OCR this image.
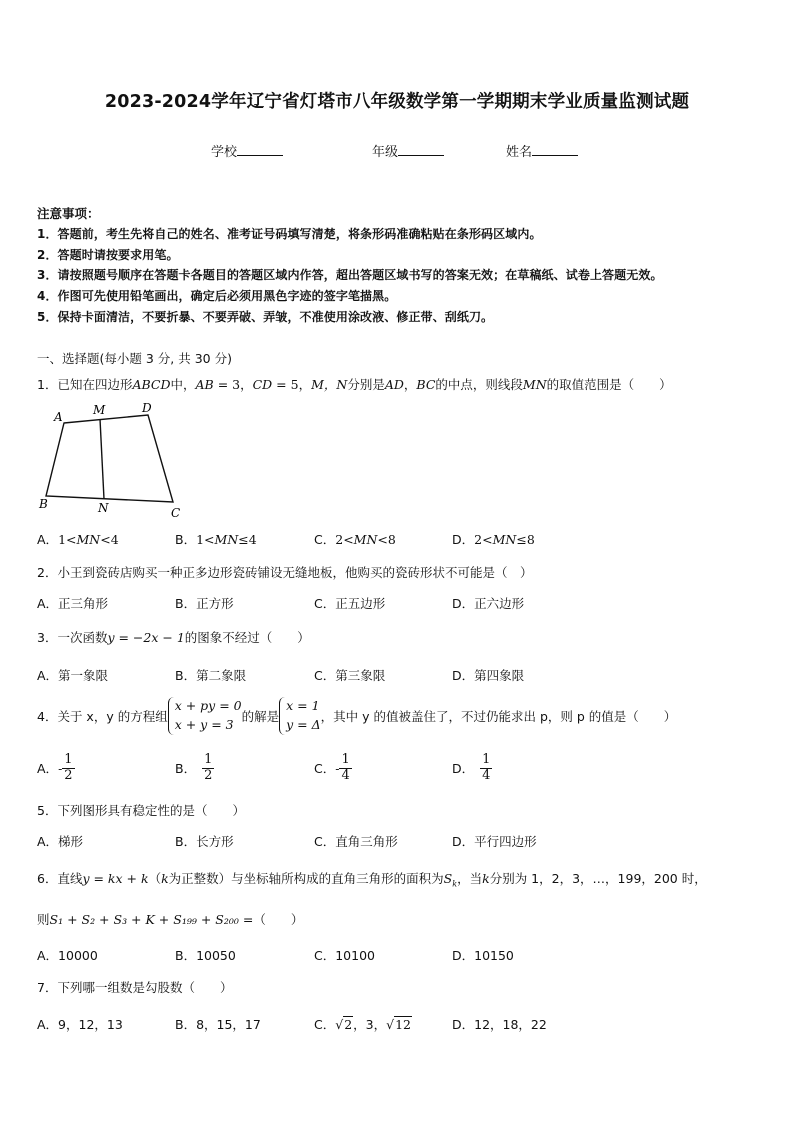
2023-2024学年辽宁省灯塔市八年级数学第一学期期末学业质量监测试题
学校	年级	姓名
注意事项：
1．答题前，考生先将自己的姓名、准考证号码填写清楚，将条形码准确粘贴在条形码区域内。
2．答题时请按要求用笔。
3．请按照题号顺序在答题卡各题目的答题区域内作答，超出答题区域书写的答案无效；在草稿纸、试卷上答题无效。
4．作图可先使用铅笔画出，确定后必须用黑色字迹的签字笔描黑。
5．保持卡面清洁，不要折暴、不要弄破、弄皱，不准使用涂改液、修正带、刮纸刀。
一、选择题(每小题 3 分, 共 30 分)
1．已知在四边形ABCD中，AB = 3，CD = 5，M，N分别是AD，BC的中点，则线段MN的取值范围是（　　）
A	M	D
B	N	C
A．1<MN<4	B．1<MN≤4	C．2<MN<8	D．2<MN≤8
2．小王到瓷砖店购买一种正多边形瓷砖铺设无缝地板，他购买的瓷砖形状不可能是（　）
A．正三角形	B．正方形	C．正五边形	D．正六边形
3．一次函数y = −2x − 1的图象不经过（　　）
A．第一象限	B．第二象限	C．第三象限	D．第四象限
4．关于 x，y 的方程组
x + py = 0
x + y = 3
的解是
x = 1
y = Δ
，其中 y 的值被盖住了，不过仍能求出 p，则 p 的值是（　　）
A． - $\frac{1}{2}$	B． $\frac{1}{2}$	C． - $\frac{1}{4}$	D． $\frac{1}{4}$
5．下列图形具有稳定性的是（　　）
A．梯形	B．长方形	C．直角三角形	D．平行四边形
6．直线y = kx + k（k为正整数）与坐标轴所构成的直角三角形的面积为$S_k$，当k分别为 1，2，3，…，199，200 时，
则S₁ + S₂ + S₃ + K + S₁₉₉ + S₂₀₀ =（　　）
A．10000	B．10050	C．10100	D．10150
7．下列哪一组数是勾股数（　　）
A．9，12，13	B．8，15，17	C．√2，3，√12	D．12，18，22
